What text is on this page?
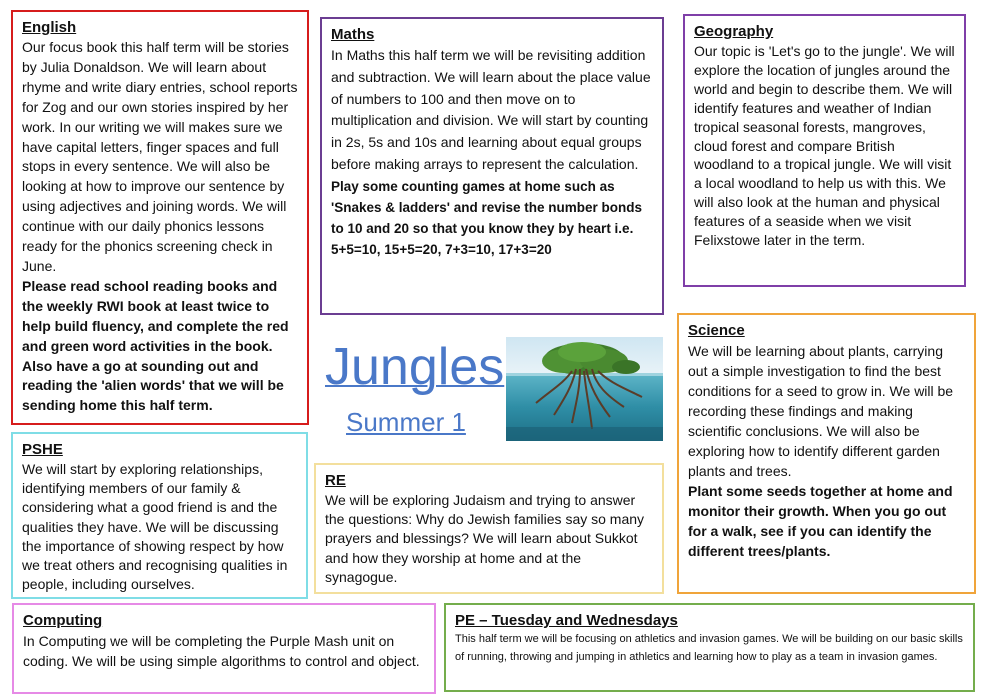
English

Our focus book this half term will be stories by Julia Donaldson. We will learn about rhyme and write diary entries, school reports for Zog and our own stories inspired by her work. In our writing we will makes sure we have capital letters, finger spaces and full stops in every sentence. We will also be looking at how to improve our sentence by using adjectives and joining words. We will continue with our daily phonics lessons ready for the phonics screening check in June.

Please read school reading books and the weekly RWI book at least twice to help build fluency, and complete the red and green word activities in the book. Also have a go at sounding out and reading the 'alien words' that we will be sending home this half term.

Maths

In Maths this half term we will be revisiting addition and subtraction. We will learn about the place value of numbers to 100 and then move on to multiplication and division. We will start by counting in 2s, 5s and 10s and learning about equal groups before making arrays to represent the calculation.

Play some counting games at home such as 'Snakes & ladders' and revise the number bonds to 10 and 20 so that you know they by heart i.e. 5+5=10, 15+5=20, 7+3=10, 17+3=20

Geography

Our topic is 'Let's go to the jungle'. We will explore the location of jungles around the world and begin to describe them. We will identify features and weather of Indian tropical seasonal forests, mangroves, cloud forest and compare British woodland to a tropical jungle. We will visit a local woodland to help us with this. We will also look at the human and physical features of a seaside when we visit Felixstowe later in the term.

Science

We will be learning about plants, carrying out a simple investigation to find the best conditions for a seed to grow in. We will be recording these findings and making scientific conclusions. We will also be exploring how to identify different garden plants and trees.

Plant some seeds together at home and monitor their growth. When you go out for a walk, see if you can identify the different trees/plants.

PSHE

We will start by exploring relationships, identifying members of our family & considering what a good friend is and the qualities they have. We will be discussing the importance of showing respect by how we treat others and recognising qualities in people, including ourselves.

RE

We will be exploring Judaism and trying to answer the questions: Why do Jewish families say so many prayers and blessings? We will learn about Sukkot and how they worship at home and at the synagogue.

Computing

In Computing we will be completing the Purple Mash unit on coding. We will be using simple algorithms to control and object.

PE – Tuesday and Wednesdays

This half term we will be focusing on athletics and invasion games. We will be building on our basic skills of running, throwing and jumping in athletics and learning how to play as a team in invasion games.

Jungles
Summer 1
